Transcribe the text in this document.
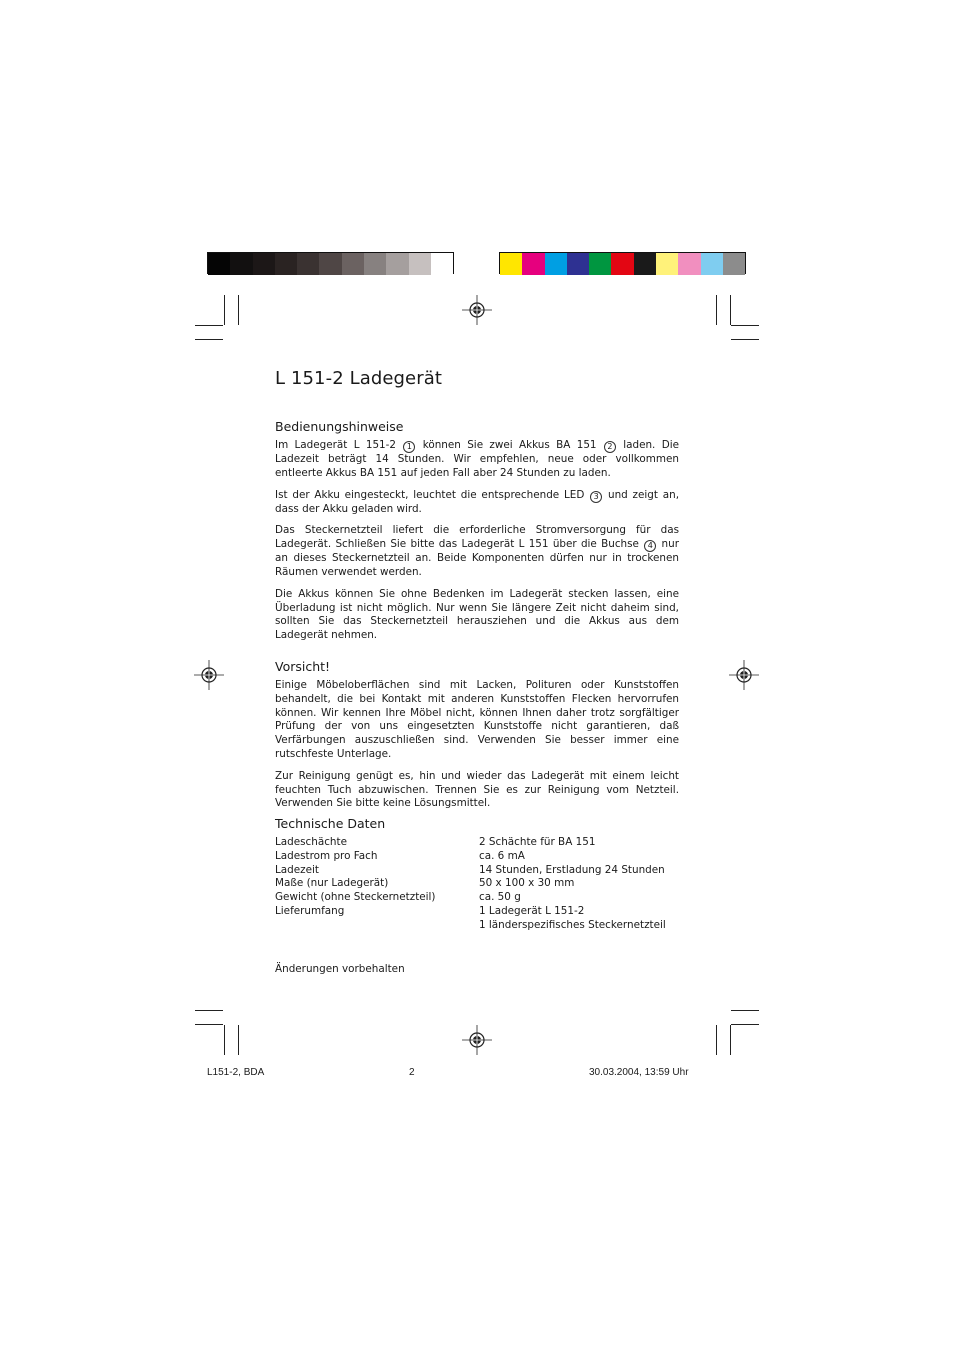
L 151-2 Ladegerät
Bedienungshinweise

Im Ladegerät L 151-2 1 können Sie zwei Akkus BA 151 2 laden. Die Ladezeit beträgt 14 Stunden. Wir empfehlen, neue oder vollkommen entleerte Akkus BA 151 auf jeden Fall aber 24 Stunden zu laden.

Ist der Akku eingesteckt, leuchtet die entsprechende LED 3 und zeigt an, dass der Akku geladen wird.

Das Steckernetzteil liefert die erforderliche Stromversorgung für das Ladegerät. Schließen Sie bitte das Ladegerät L 151 über die Buchse 4 nur an dieses Steckernetzteil an. Beide Komponenten dürfen nur in trockenen Räumen verwendet werden.

Die Akkus können Sie ohne Bedenken im Ladegerät stecken lassen, eine Überladung ist nicht möglich. Nur wenn Sie längere Zeit nicht daheim sind, sollten Sie das Steckernetzteil herausziehen und die Akkus aus dem Ladegerät nehmen.

Vorsicht!

Einige Möbeloberflächen sind mit Lacken, Polituren oder Kunststoffen behandelt, die bei Kontakt mit anderen Kunststoffen Flecken hervorrufen können. Wir kennen Ihre Möbel nicht, können Ihnen daher trotz sorgfältiger Prüfung der von uns eingesetzten Kunststoffe nicht garantieren, daß Verfärbungen auszuschließen sind. Verwenden Sie besser immer eine rutschfeste Unterlage.

Zur Reinigung genügt es, hin und wieder das Ladegerät mit einem leicht feuchten Tuch abzuwischen. Trennen Sie es zur Reinigung vom Netzteil. Verwenden Sie bitte keine Lösungsmittel.

Technische Daten
Ladeschächte	2 Schächte für BA 151
Ladestrom pro Fach	ca. 6 mA
Ladezeit	14 Stunden, Erstladung 24 Stunden
Maße (nur Ladegerät)	50 x 100 x 30 mm
Gewicht (ohne Steckernetzteil)	ca. 50 g
Lieferumfang	1 Ladegerät L 151-2
	1 länderspezifisches Steckernetzteil
Änderungen vorbehalten
L151-2, BDA	2	30.03.2004, 13:59 Uhr
